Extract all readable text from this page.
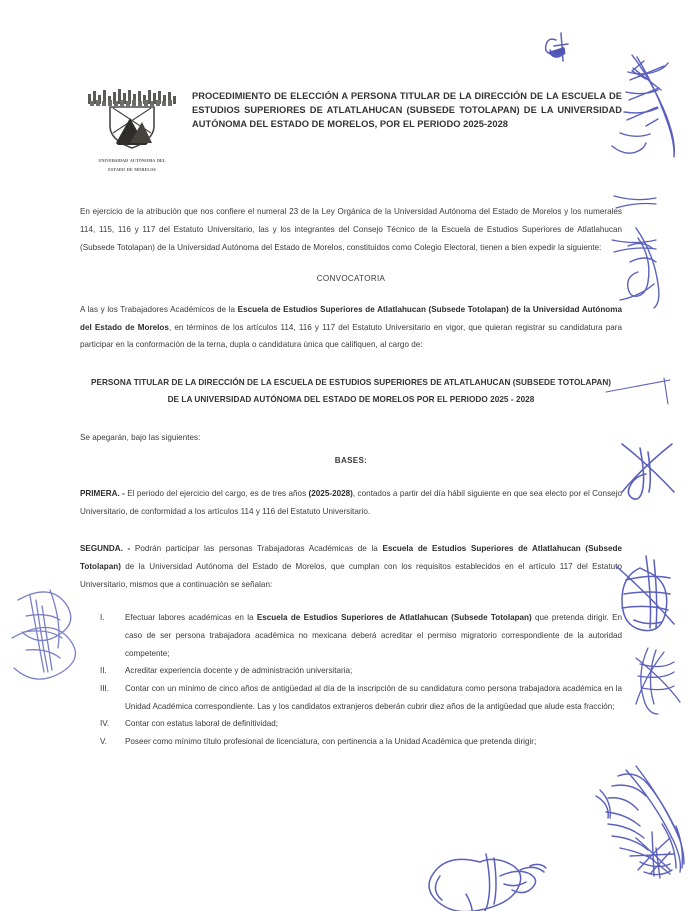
universidad autónoma del
estado de morelos
PROCEDIMIENTO DE ELECCIÓN A PERSONA TITULAR DE LA DIRECCIÓN DE LA ESCUELA DE ESTUDIOS SUPERIORES DE ATLATLAHUCAN (SUBSEDE TOTOLAPAN) DE LA UNIVERSIDAD AUTÓNOMA DEL ESTADO DE MORELOS, POR EL PERIODO 2025-2028

En ejercicio de la atribución que nos confiere el numeral 23 de la Ley Orgánica de la Universidad Autónoma del Estado de Morelos y los numerales 114, 115, 116 y 117 del Estatuto Universitario, las y los integrantes del Consejo Técnico de la Escuela de Estudios Superiores de Atlatlahucan (Subsede Totolapan) de la Universidad Autónoma del Estado de Morelos, constituidos como Colegio Electoral, tienen a bien expedir la siguiente:

CONVOCATORIA

A las y los Trabajadores Académicos de la Escuela de Estudios Superiores de Atlatlahucan (Subsede Totolapan) de la Universidad Autónoma del Estado de Morelos, en términos de los artículos 114, 116 y 117 del Estatuto Universitario en vigor, que quieran registrar su candidatura para participar en la conformación de la terna, dupla o candidatura única que califiquen, al cargo de:

PERSONA TITULAR DE LA DIRECCIÓN DE LA ESCUELA DE ESTUDIOS SUPERIORES DE ATLATLAHUCAN (SUBSEDE TOTOLAPAN) DE LA UNIVERSIDAD AUTÓNOMA DEL ESTADO DE MORELOS POR EL PERIODO 2025 - 2028

Se apegarán, bajo las siguientes:

BASES:

PRIMERA. - El periodo del ejercicio del cargo, es de tres años (2025-2028), contados a partir del día hábil siguiente en que sea electo por el Consejo Universitario, de conformidad a los artículos 114 y 116 del Estatuto Universitario.

SEGUNDA. - Podrán participar las personas Trabajadoras Académicas de la Escuela de Estudios Superiores de Atlatlahucan (Subsede Totolapan) de la Universidad Autónoma del Estado de Morelos, que cumplan con los requisitos establecidos en el artículo 117 del Estatuto Universitario, mismos que a continuación se señalan:

I.	Efectuar labores académicas en la Escuela de Estudios Superiores de Atlatlahucan (Subsede Totolapan) que pretenda dirigir. En caso de ser persona trabajadora académica no mexicana deberá acreditar el permiso migratorio correspondiente de la autoridad competente;
II.	Acreditar experiencia docente y de administración universitaria;
III.	Contar con un mínimo de cinco años de antigüedad al día de la inscripción de su candidatura como persona trabajadora académica en la Unidad Académica correspondiente. Las y los candidatos extranjeros deberán cubrir diez años de la antigüedad que alude esta fracción;
IV.	Contar con estatus laboral de definitividad;
V.	Poseer como mínimo título profesional de licenciatura, con pertinencia a la Unidad Académica que pretenda dirigir;
